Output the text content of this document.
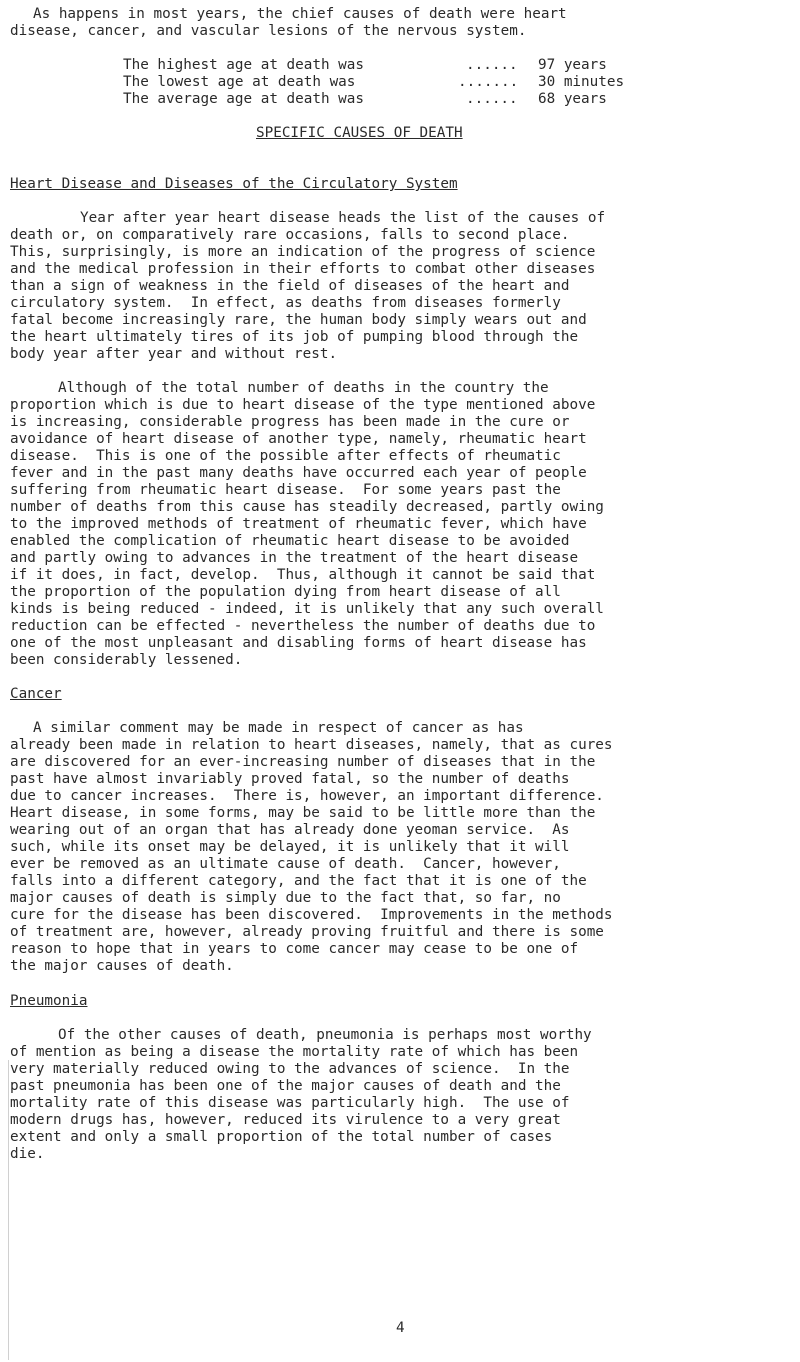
As happens in most years, the chief causes of death were heart
disease, cancer, and vascular lesions of the nervous system.
The highest age at death was	...... 97 years
The lowest age at death was	....... 30 minutes
The average age at death was	...... 68 years
SPECIFIC CAUSES OF DEATH
Heart Disease and Diseases of the Circulatory System
Year after year heart disease heads the list of the causes of
death or, on comparatively rare occasions, falls to second place.
This, surprisingly, is more an indication of the progress of science
and the medical profession in their efforts to combat other diseases
than a sign of weakness in the field of diseases of the heart and
circulatory system.  In effect, as deaths from diseases formerly
fatal become increasingly rare, the human body simply wears out and
the heart ultimately tires of its job of pumping blood through the
body year after year and without rest.
Although of the total number of deaths in the country the
proportion which is due to heart disease of the type mentioned above
is increasing, considerable progress has been made in the cure or
avoidance of heart disease of another type, namely, rheumatic heart
disease.  This is one of the possible after effects of rheumatic
fever and in the past many deaths have occurred each year of people
suffering from rheumatic heart disease.  For some years past the
number of deaths from this cause has steadily decreased, partly owing
to the improved methods of treatment of rheumatic fever, which have
enabled the complication of rheumatic heart disease to be avoided
and partly owing to advances in the treatment of the heart disease
if it does, in fact, develop.  Thus, although it cannot be said that
the proportion of the population dying from heart disease of all
kinds is being reduced - indeed, it is unlikely that any such overall
reduction can be effected - nevertheless the number of deaths due to
one of the most unpleasant and disabling forms of heart disease has
been considerably lessened.
Cancer
A similar comment may be made in respect of cancer as has
already been made in relation to heart diseases, namely, that as cures
are discovered for an ever-increasing number of diseases that in the
past have almost invariably proved fatal, so the number of deaths
due to cancer increases.  There is, however, an important difference.
Heart disease, in some forms, may be said to be little more than the
wearing out of an organ that has already done yeoman service.  As
such, while its onset may be delayed, it is unlikely that it will
ever be removed as an ultimate cause of death.  Cancer, however,
falls into a different category, and the fact that it is one of the
major causes of death is simply due to the fact that, so far, no
cure for the disease has been discovered.  Improvements in the methods
of treatment are, however, already proving fruitful and there is some
reason to hope that in years to come cancer may cease to be one of
the major causes of death.
Pneumonia
Of the other causes of death, pneumonia is perhaps most worthy
of mention as being a disease the mortality rate of which has been
very materially reduced owing to the advances of science.  In the
past pneumonia has been one of the major causes of death and the
mortality rate of this disease was particularly high.  The use of
modern drugs has, however, reduced its virulence to a very great
extent and only a small proportion of the total number of cases
die.
4
